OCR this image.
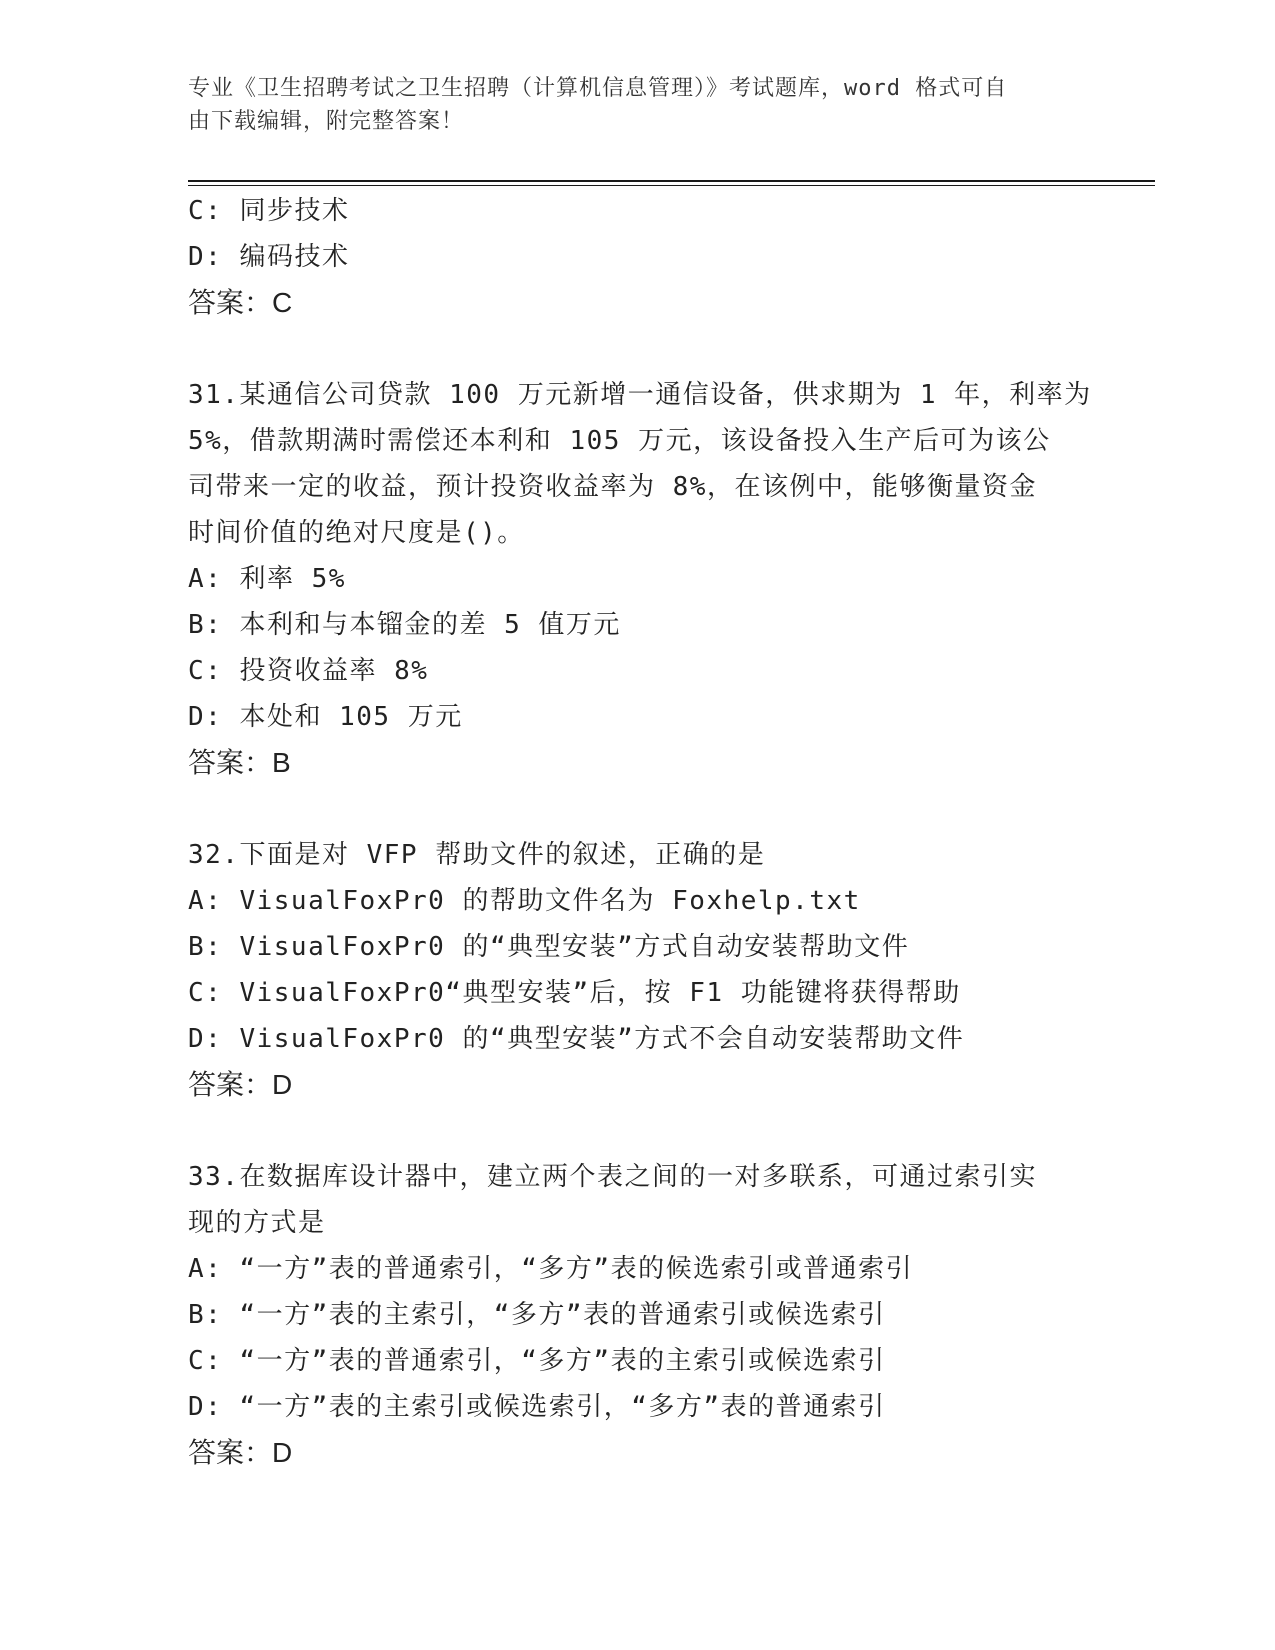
专业《卫生招聘考试之卫生招聘（计算机信息管理）》考试题库，word 格式可自
由下载编辑，附完整答案！
C: 同步技术
D: 编码技术
答案：C
31.某通信公司贷款 100 万元新增一通信设备，供求期为 1 年，利率为
5%，借款期满时需偿还本利和 105 万元，该设备投入生产后可为该公
司带来一定的收益，预计投资收益率为 8%，在该例中，能够衡量资金
时间价值的绝对尺度是()。
A: 利率 5%
B: 本利和与本镏金的差 5 值万元
C: 投资收益率 8%
D: 本处和 105 万元
答案：B
32.下面是对 VFP 帮助文件的叙述，正确的是
A: VisualFoxPr0 的帮助文件名为 Foxhelp.txt
B: VisualFoxPr0 的“典型安装”方式自动安装帮助文件
C: VisualFoxPr0“典型安装”后，按 F1 功能键将获得帮助
D: VisualFoxPr0 的“典型安装”方式不会自动安装帮助文件
答案：D
33.在数据库设计器中，建立两个表之间的一对多联系，可通过索引实
现的方式是
A: “一方”表的普通索引，“多方”表的候选索引或普通索引
B: “一方”表的主索引，“多方”表的普通索引或候选索引
C: “一方”表的普通索引，“多方”表的主索引或候选索引
D: “一方”表的主索引或候选索引，“多方”表的普通索引
答案：D
